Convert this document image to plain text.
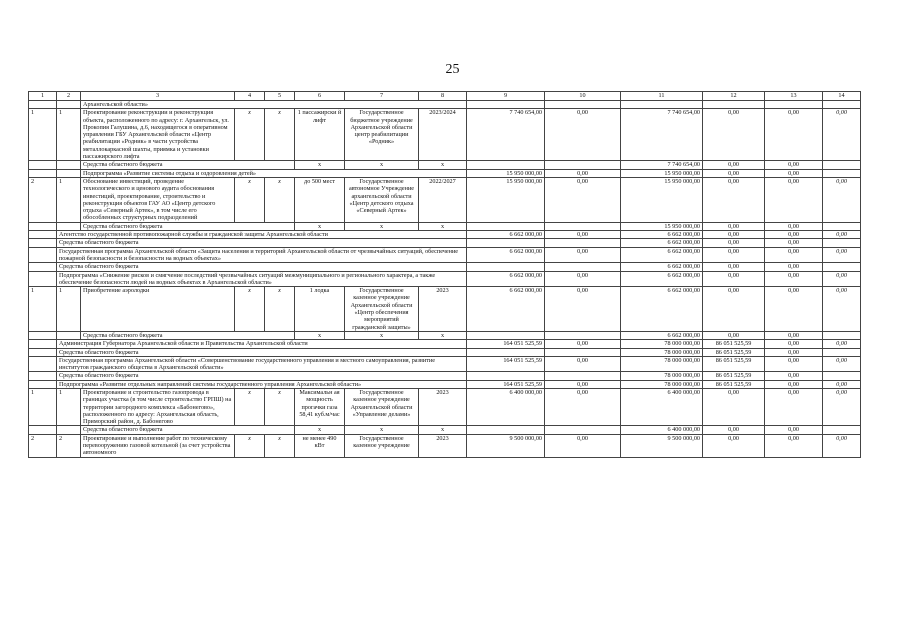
25
1	2	3	4	5	6	7	8	9	10	11	12	13	14
		Архангельской области»											
1	1	Проектирование реконструкции и реконструкция объекта, расположенного по адресу: г. Архангельск, ул. Прокопия Галушина, д.6, находящегося в оперативном управлении ГБУ Архангельской области «Центр реабилитации «Родник» в части устройства металлокаркасной шахты, приямка и установки пассажирского лифта	х	х	1 пассажирски й лифт	Государственное бюджетное учреждение Архангельской области центр реабилитации «Родник»	2023/2024	7 740 654,00	0,00	7 740 654,00	0,00	0,00	0,00
		Средства областного бюджета			х	х	х			7 740 654,00	0,00	0,00	
		Подпрограмма «Развитие системы отдыха и оздоровления детей»						15 950 000,00	0,00	15 950 000,00	0,00	0,00	
2	1	Обоснование инвестиций, проведение технологического и ценового аудита обоснования инвестиций, проектирование, строительство и реконструкция объектов ГАУ АО «Центр детского отдыха «Северный Артек», в том числе его обособленных структурных подразделений	х	х	до 500 мест	Государственное автономное Учреждение архангельской области «Центр детского отдыха «Северный Артек»	2022/2027	15 950 000,00	0,00	15 950 000,00	0,00	0,00	0,00
		Средства областного бюджета			х	х	х			15 950 000,00	0,00	0,00	
	Агентство государственной противопожарной службы и гражданской защиты Архангельской области							6 662 000,00	0,00	6 662 000,00	0,00	0,00	0,00
	Средства областного бюджета									6 662 000,00	0,00	0,00	
	Государственная программа Архангельской области «Защита населения и территорий Архангельской области от чрезвычайных ситуаций, обеспечение пожарной безопасности и безопасности на водных объектах»							6 662 000,00	0,00	6 662 000,00	0,00	0,00	0,00
	Средства областного бюджета									6 662 000,00	0,00	0,00	
	Подпрограмма «Снижение рисков и смягчение последствий чрезвычайных ситуаций межмуниципального и регионального характера, а также обеспечение безопасности людей на водных объектах в Архангельской области»							6 662 000,00	0,00	6 662 000,00	0,00	0,00	0,00
1	1	Приобретение аэролодки	х	х	1 лодка	Государственное казенное учреждение Архангельской области «Центр обеспечения мероприятий гражданской защиты»	2023	6 662 000,00	0,00	6 662 000,00	0,00	0,00	0,00
		Средства областного бюджета			х	х	х			6 662 000,00	0,00	0,00	
	Администрация Губернатора Архангельской области и Правительства Архангельской области							164 051 525,59	0,00	78 000 000,00	86 051 525,59	0,00	0,00
	Средства областного бюджета									78 000 000,00	86 051 525,59	0,00	
	Государственная программа Архангельской области «Совершенствование государственного управления и местного самоуправления, развитие институтов гражданского общества в Архангельской области»							164 051 525,59	0,00	78 000 000,00	86 051 525,59	0,00	0,00
	Средства областного бюджета									78 000 000,00	86 051 525,59	0,00	
	Подпрограмма «Развитие отдельных направлений системы государственного управления Архангельской области»							164 051 525,59	0,00	78 000 000,00	86 051 525,59	0,00	0,00
1	1	Проектирование и строительство газопровода в границах участка (в том числе строительство ГРПШ) на территории загородного комплекса «Бабонегово», расположенного по адресу: Архангельская область, Приморский район, д. Бабонегово	х	х	Максимальн ая мощность прогачки газа 58,41 куб.м/час	Государственное казенное учреждение Архангельской области «Управление делами»	2023	6 400 000,00	0,00	6 400 000,00	0,00	0,00	0,00
		Средства областного бюджета			х	х	х			6 400 000,00	0,00	0,00	
2	2	Проектирование и выполнение работ по техническому перевооружению газовой котельной (за счет устройства автономного	х	х	не менее 490 кВт	Государственное казенное учреждение	2023	9 500 000,00	0,00	9 500 000,00	0,00	0,00	0,00
